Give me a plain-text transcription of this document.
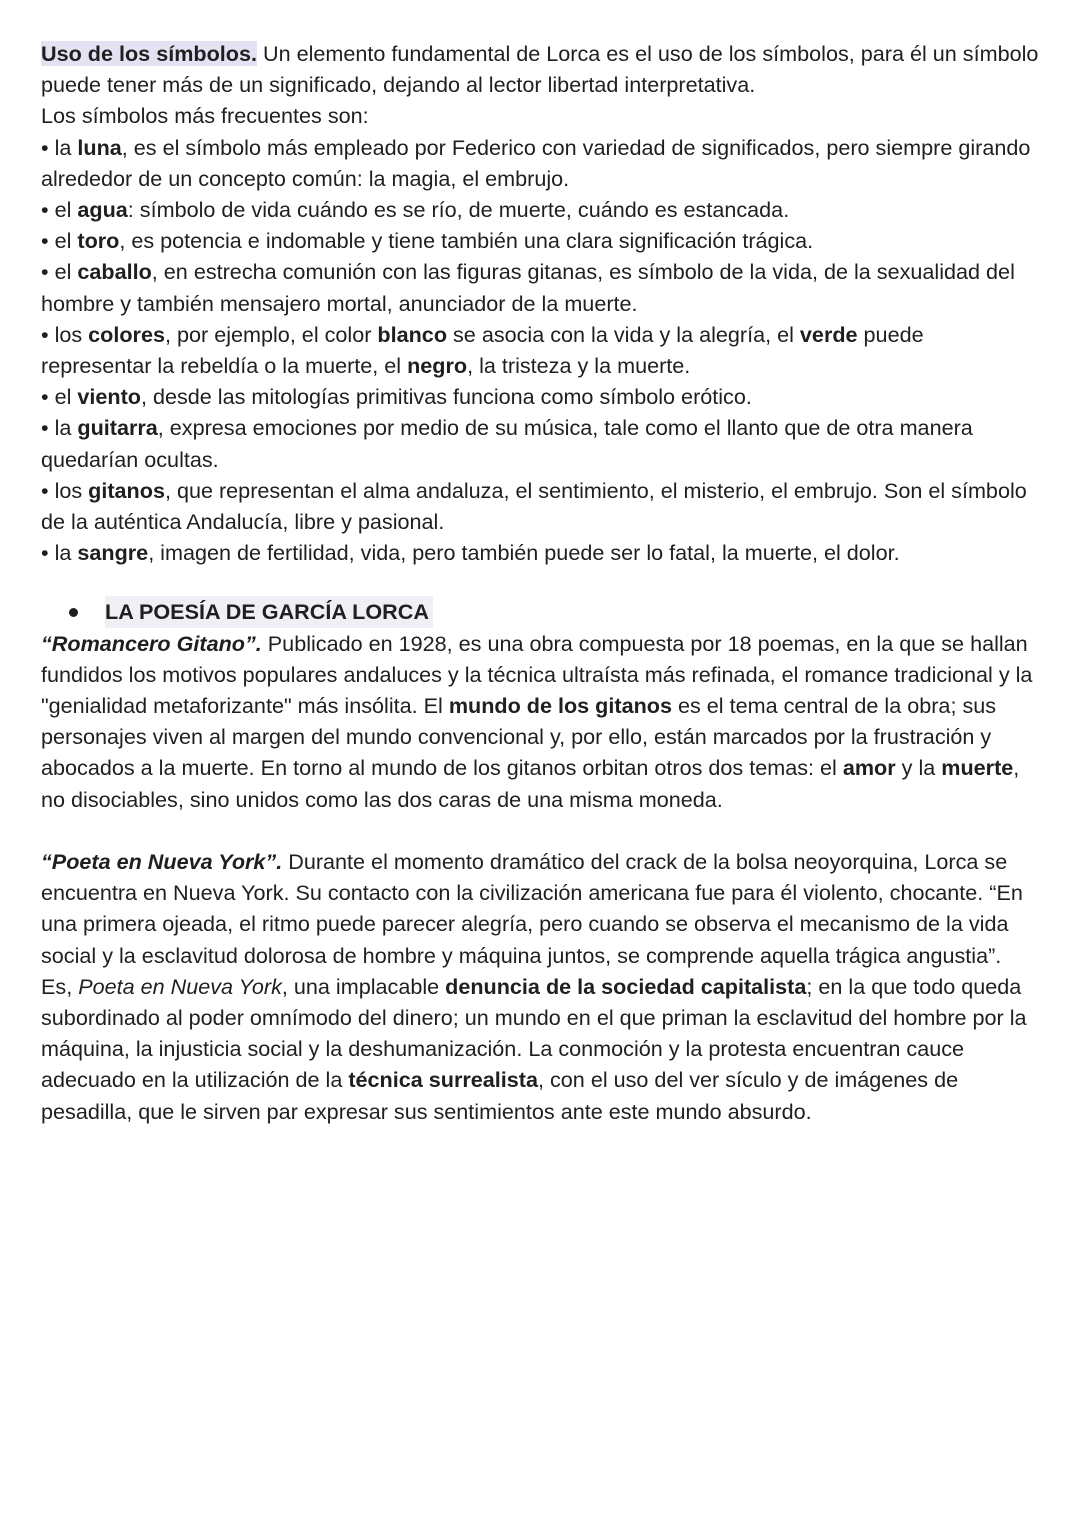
Uso de los símbolos. Un elemento fundamental de Lorca es el uso de los símbolos, para él un símbolo puede tener más de un significado, dejando al lector libertad interpretativa.

Los símbolos más frecuentes son:

• la luna, es el símbolo más empleado por Federico con variedad de significados, pero siempre girando alrededor de un concepto común: la magia, el embrujo.
• el agua: símbolo de vida cuándo es se río, de muerte, cuándo es estancada.
• el toro, es potencia e indomable y tiene también una clara significación trágica.
• el caballo, en estrecha comunión con las figuras gitanas, es símbolo de la vida, de la sexualidad del hombre y también mensajero mortal, anunciador de la muerte.
• los colores, por ejemplo, el color blanco se asocia con la vida y la alegría, el verde puede representar la rebeldía o la muerte, el negro, la tristeza y la muerte.
• el viento, desde las mitologías primitivas funciona como símbolo erótico.
• la guitarra, expresa emociones por medio de su música, tale como el llanto que de otra manera quedarían ocultas.
• los gitanos, que representan el alma andaluza, el sentimiento, el misterio, el embrujo. Son el símbolo de la auténtica Andalucía, libre y pasional.
• la sangre, imagen de fertilidad, vida, pero también puede ser lo fatal, la muerte, el dolor.

LA POESÍA DE GARCÍA LORCA

“Romancero Gitano”. Publicado en 1928, es una obra compuesta por 18 poemas, en la que se hallan fundidos los motivos populares andaluces y la técnica ultraísta más refinada, el romance tradicional y la "genialidad metaforizante" más insólita. El mundo de los gitanos es el tema central de la obra; sus personajes viven al margen del mundo convencional y, por ello, están marcados por la frustración y abocados a la muerte. En torno al mundo de los gitanos orbitan otros dos temas: el amor y la muerte, no disociables, sino unidos como las dos caras de una misma moneda.

“Poeta en Nueva York”. Durante el momento dramático del crack de la bolsa neoyorquina, Lorca se encuentra en Nueva York. Su contacto con la civilización americana fue para él violento, chocante. “En una primera ojeada, el ritmo puede parecer alegría, pero cuando se observa el mecanismo de la vida social y la esclavitud dolorosa de hombre y máquina juntos, se comprende aquella trágica angustia”.

Es, Poeta en Nueva York, una implacable denuncia de la sociedad capitalista; en la que todo queda subordinado al poder omnímodo del dinero; un mundo en el que priman la esclavitud del hombre por la máquina, la injusticia social y la deshumanización. La conmoción y la protesta encuentran cauce adecuado en la utilización de la técnica surrealista, con el uso del ver sículo y de imágenes de pesadilla, que le sirven par expresar sus sentimientos ante este mundo absurdo.
